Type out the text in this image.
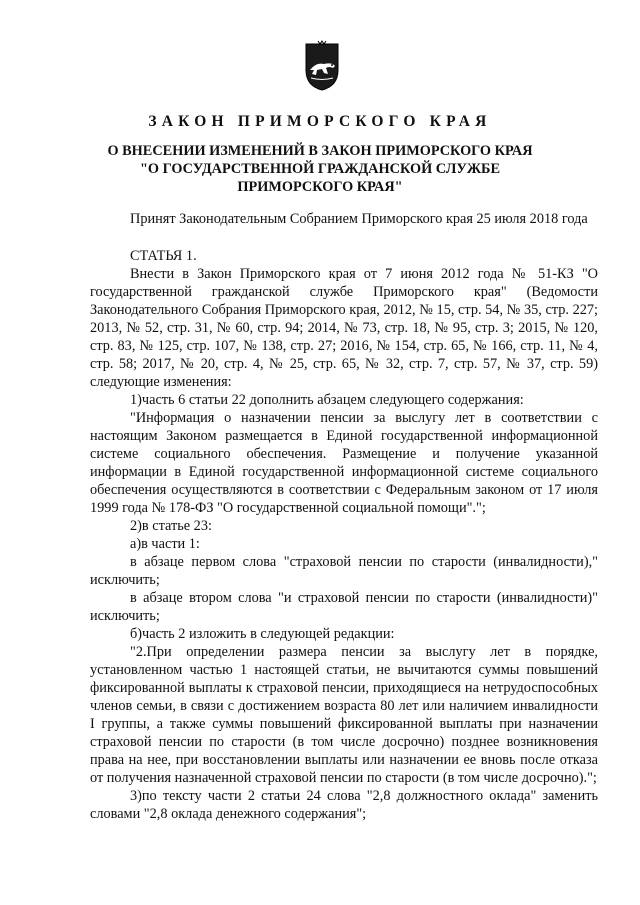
ЗАКОН ПРИМОРСКОГО КРАЯ
О ВНЕСЕНИИ ИЗМЕНЕНИЙ В ЗАКОН ПРИМОРСКОГО КРАЯ
"О ГОСУДАРСТВЕННОЙ ГРАЖДАНСКОЙ СЛУЖБЕ
ПРИМОРСКОГО КРАЯ"

Принят Законодательным Собранием Приморского края 25 июля 2018 года

СТАТЬЯ 1.

Внести в Закон Приморского края от 7 июня 2012 года № 51-КЗ "О государственной гражданской службе Приморского края" (Ведомости Законодательного Собрания Приморского края, 2012, № 15, стр. 54, № 35, стр. 227; 2013, № 52, стр. 31, № 60, стр. 94; 2014, № 73, стр. 18, № 95, стр. 3; 2015, № 120, стр. 83, № 125, стр. 107, № 138, стр. 27; 2016, № 154, стр. 65, № 166, стр. 11, № 4, стр. 58; 2017, № 20, стр. 4, № 25, стр. 65, № 32, стр. 7, стр. 57, № 37, стр. 59) следующие изменения:

1)часть 6 статьи 22 дополнить абзацем следующего содержания:

"Информация о назначении пенсии за выслугу лет в соответствии с настоящим Законом размещается в Единой государственной информационной системе социального обеспечения. Размещение и получение указанной информации в Единой государственной информационной системе социального обеспечения осуществляются в соответствии с Федеральным законом от 17 июля 1999 года № 178-ФЗ "О государственной социальной помощи".";

2)в статье 23:

а)в части 1:

в абзаце первом слова "страховой пенсии по старости (инвалидности)," исключить;

в абзаце втором слова "и страховой пенсии по старости (инвалидности)" исключить;

б)часть 2 изложить в следующей редакции:

"2.При определении размера пенсии за выслугу лет в порядке, установленном частью 1 настоящей статьи, не вычитаются суммы повышений фиксированной выплаты к страховой пенсии, приходящиеся на нетрудоспособных членов семьи, в связи с достижением возраста 80 лет или наличием инвалидности I группы, а также суммы повышений фиксированной выплаты при назначении страховой пенсии по старости (в том числе досрочно) позднее возникновения права на нее, при восстановлении выплаты или назначении ее вновь после отказа от получения назначенной страховой пенсии по старости (в том числе досрочно).";

3)по тексту части 2 статьи 24 слова "2,8 должностного оклада" заменить словами "2,8 оклада денежного содержания";
